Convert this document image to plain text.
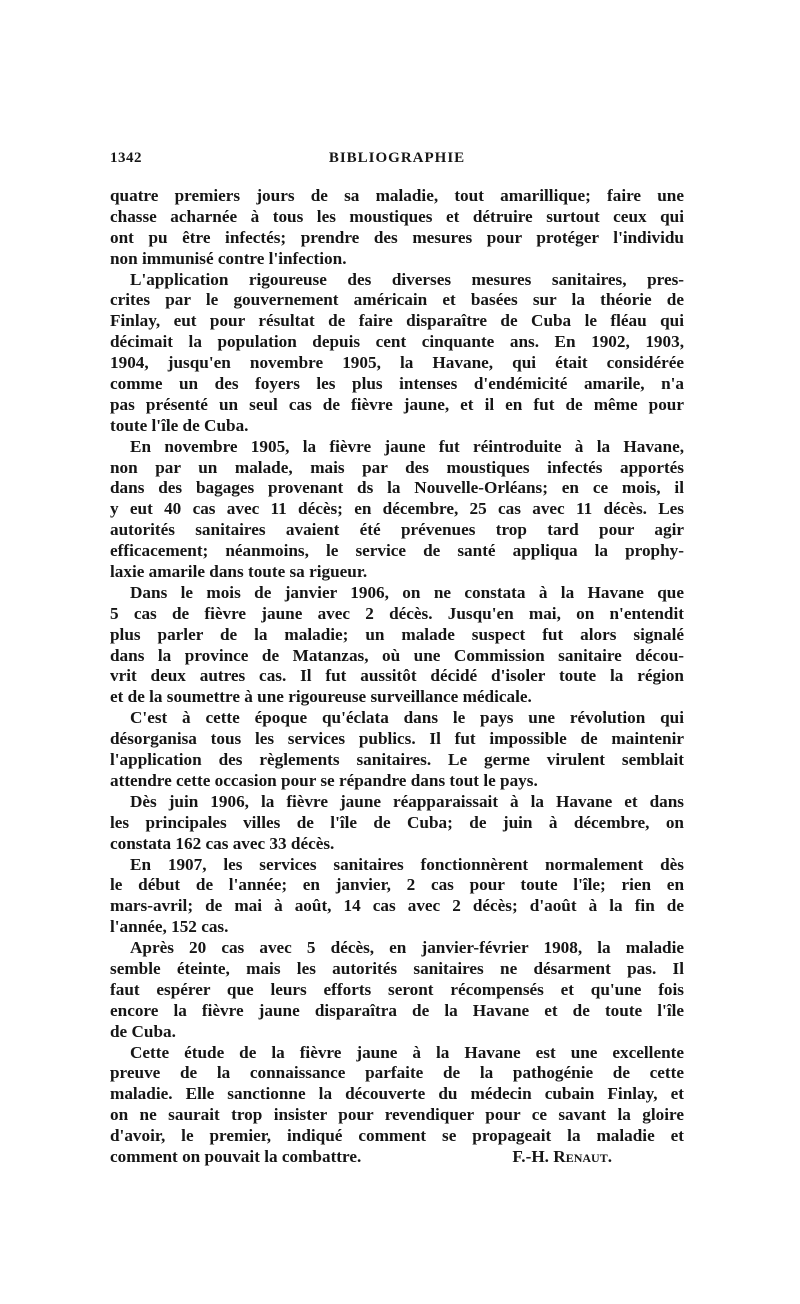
1342	BIBLIOGRAPHIE
quatre premiers jours de sa maladie, tout amarillique; faire une
chasse acharnée à tous les moustiques et détruire surtout ceux qui
ont pu être infectés; prendre des mesures pour protéger l'individu
non immunisé contre l'infection.
L'application rigoureuse des diverses mesures sanitaires, pres-
crites par le gouvernement américain et basées sur la théorie de
Finlay, eut pour résultat de faire disparaître de Cuba le fléau qui
décimait la population depuis cent cinquante ans. En 1902, 1903,
1904, jusqu'en novembre 1905, la Havane, qui était considérée
comme un des foyers les plus intenses d'endémicité amarile, n'a
pas présenté un seul cas de fièvre jaune, et il en fut de même pour
toute l'île de Cuba.
En novembre 1905, la fièvre jaune fut réintroduite à la Havane,
non par un malade, mais par des moustiques infectés apportés
dans des bagages provenant ds la Nouvelle-Orléans; en ce mois, il
y eut 40 cas avec 11 décès; en décembre, 25 cas avec 11 décès. Les
autorités sanitaires avaient été prévenues trop tard pour agir
efficacement; néanmoins, le service de santé appliqua la prophy-
laxie amarile dans toute sa rigueur.
Dans le mois de janvier 1906, on ne constata à la Havane que
5 cas de fièvre jaune avec 2 décès. Jusqu'en mai, on n'entendit
plus parler de la maladie; un malade suspect fut alors signalé
dans la province de Matanzas, où une Commission sanitaire décou-
vrit deux autres cas. Il fut aussitôt décidé d'isoler toute la région
et de la soumettre à une rigoureuse surveillance médicale.
C'est à cette époque qu'éclata dans le pays une révolution qui
désorganisa tous les services publics. Il fut impossible de maintenir
l'application des règlements sanitaires. Le germe virulent semblait
attendre cette occasion pour se répandre dans tout le pays.
Dès juin 1906, la fièvre jaune réapparaissait à la Havane et dans
les principales villes de l'île de Cuba; de juin à décembre, on
constata 162 cas avec 33 décès.
En 1907, les services sanitaires fonctionnèrent normalement dès
le début de l'année; en janvier, 2 cas pour toute l'île; rien en
mars-avril; de mai à août, 14 cas avec 2 décès; d'août à la fin de
l'année, 152 cas.
Après 20 cas avec 5 décès, en janvier-février 1908, la maladie
semble éteinte, mais les autorités sanitaires ne désarment pas. Il
faut espérer que leurs efforts seront récompensés et qu'une fois
encore la fièvre jaune disparaîtra de la Havane et de toute l'île
de Cuba.
Cette étude de la fièvre jaune à la Havane est une excellente
preuve de la connaissance parfaite de la pathogénie de cette
maladie. Elle sanctionne la découverte du médecin cubain Finlay, et
on ne saurait trop insister pour revendiquer pour ce savant la gloire
d'avoir, le premier, indiqué comment se propageait la maladie et
comment on pouvait la combattre.	F.-H. Renaut.
